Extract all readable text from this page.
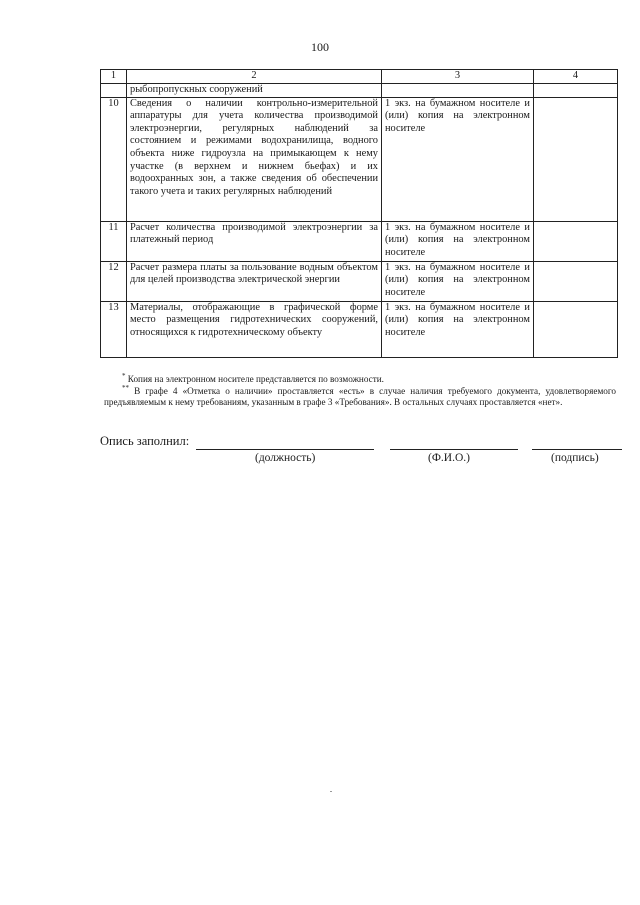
100
1	2	3	4
	рыбопропускных сооружений		
10	Сведения о наличии контрольно-измерительной аппаратуры для учета количества производимой электроэнергии, регулярных наблюдений за состоянием и режимами водохранилища, водного объекта ниже гидроузла на примыкающем к нему участке (в верхнем и нижнем бьефах) и их водоохранных зон, а также сведения об обеспечении такого учета и таких регулярных наблюдений	1 экз. на бумажном носителе и (или) копия на электронном носителе	
11	Расчет количества производимой электроэнергии за платежный период	1 экз. на бумажном носителе и (или) копия на электронном носителе	
12	Расчет размера платы за пользование водным объектом для целей производства электрической энергии	1 экз. на бумажном носителе и (или) копия на электронном носителе	
13	Материалы, отображающие в графической форме место размещения гидротехнических сооружений, относящихся к гидротехническому объекту	1 экз. на бумажном носителе и (или) копия на электронном носителе	

* Копия на электронном носителе представляется по возможности.

** В графе 4 «Отметка о наличии» проставляется «есть» в случае наличия требуемого документа, удовлетворяемого предъявляемым к нему требованиям, указанным в графе 3 «Требования». В остальных случаях проставляется «нет».

Опись заполнил:
(должность)	(Ф.И.О.)	(подпись)
